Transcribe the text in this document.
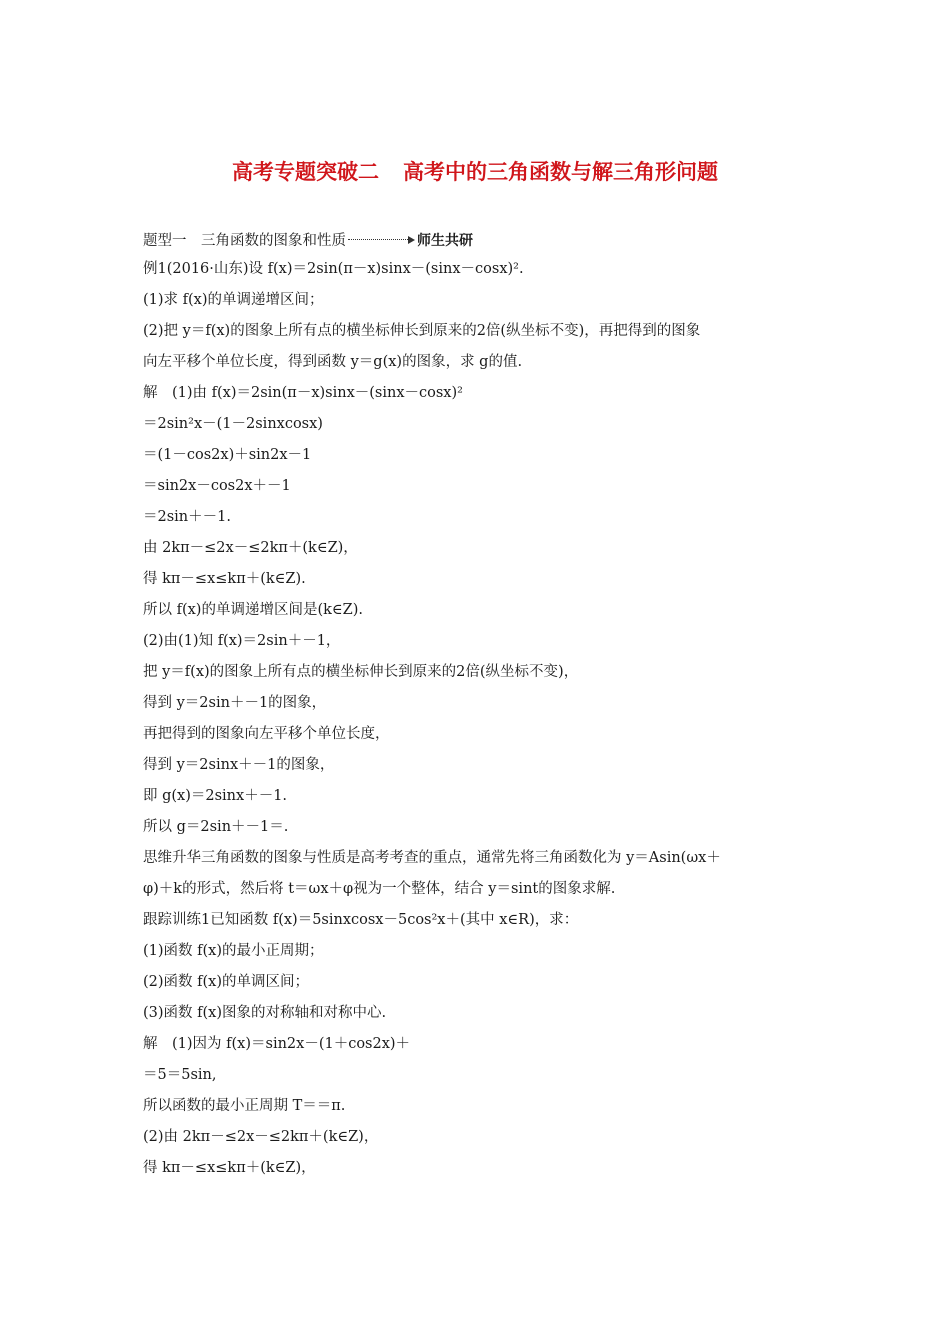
高考专题突破二 高考中的三角函数与解三角形问题
题型一　三角函数的图象和性质	师生共研
例1(2016·山东)设 f(x)＝2sin(π－x)sinx－(sinx－cosx)².
(1)求 f(x)的单调递增区间；
(2)把 y＝f(x)的图象上所有点的横坐标伸长到原来的2倍(纵坐标不变)，再把得到的图象
向左平移个单位长度，得到函数 y＝g(x)的图象，求 g的值.
解　(1)由 f(x)＝2sin(π－x)sinx－(sinx－cosx)²
＝2sin²x－(1－2sinxcosx)
＝(1－cos2x)＋sin2x－1
＝sin2x－cos2x＋－1
＝2sin＋－1.
由 2kπ－≤2x－≤2kπ＋(k∈Z)，
得 kπ－≤x≤kπ＋(k∈Z).
所以 f(x)的单调递增区间是(k∈Z).
(2)由(1)知 f(x)＝2sin＋－1，
把 y＝f(x)的图象上所有点的横坐标伸长到原来的2倍(纵坐标不变)，
得到 y＝2sin＋－1的图象，
再把得到的图象向左平移个单位长度，
得到 y＝2sinx＋－1的图象，
即 g(x)＝2sinx＋－1.
所以 g＝2sin＋－1＝.
思维升华三角函数的图象与性质是高考考查的重点，通常先将三角函数化为 y＝Asin(ωx＋
φ)＋k的形式，然后将 t＝ωx＋φ视为一个整体，结合 y＝sint的图象求解.
跟踪训练1已知函数 f(x)＝5sinxcosx－5cos²x＋(其中 x∈R)，求：
(1)函数 f(x)的最小正周期；
(2)函数 f(x)的单调区间；
(3)函数 f(x)图象的对称轴和对称中心.
解　(1)因为 f(x)＝sin2x－(1＋cos2x)＋
＝5＝5sin,
所以函数的最小正周期 T＝＝π.
(2)由 2kπ－≤2x－≤2kπ＋(k∈Z)，
得 kπ－≤x≤kπ＋(k∈Z)，
